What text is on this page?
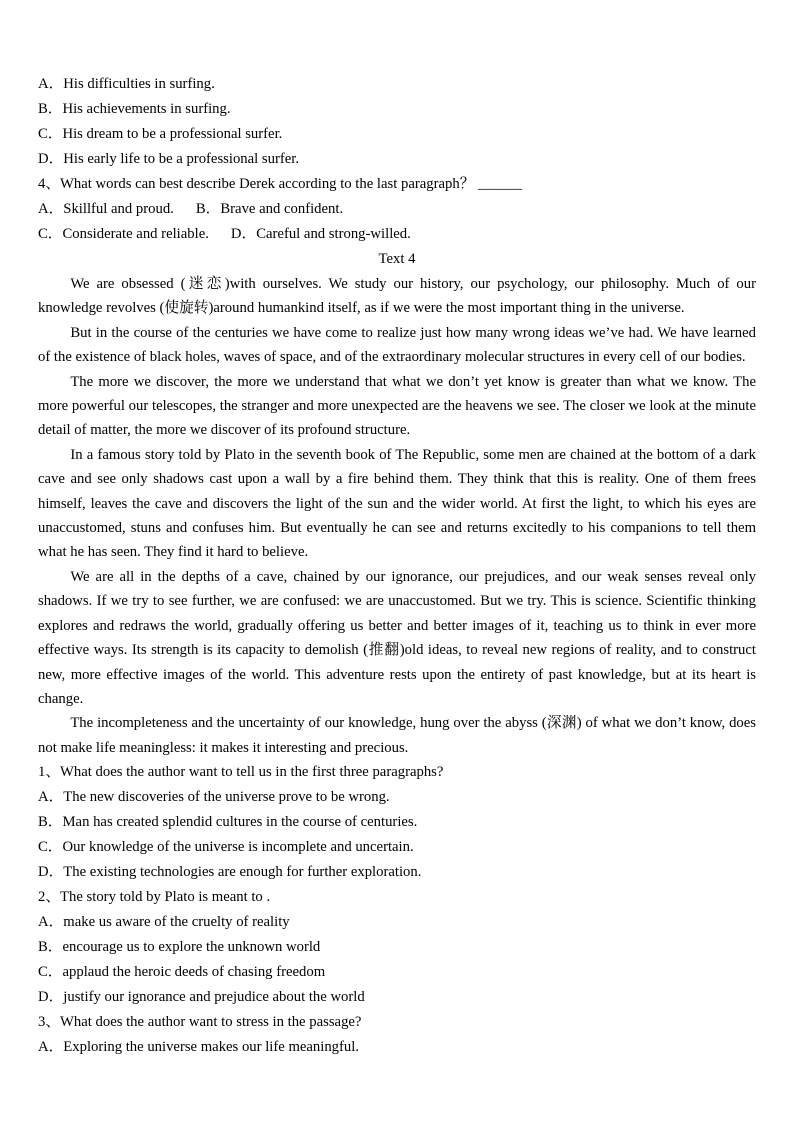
A．His difficulties in surfing.
B．His achievements in surfing.
C．His dream to be a professional surfer.
D．His early life to be a professional surfer.
4、What words can best describe Derek according to the last paragraph？ ______
A．Skillful and proud.      B．Brave and confident.
C．Considerate and reliable.      D．Careful and strong-willed.
Text 4
We are obsessed (迷恋)with ourselves. We study our history, our psychology, our philosophy. Much of our knowledge revolves (使旋转)around humankind itself, as if we were the most important thing in the universe.
But in the course of the centuries we have come to realize just how many wrong ideas we’ve had. We have learned of the existence of black holes, waves of space, and of the extraordinary molecular structures in every cell of our bodies.
The more we discover, the more we understand that what we don’t yet know is greater than what we know. The more powerful our telescopes, the stranger and more unexpected are the heavens we see. The closer we look at the minute detail of matter, the more we discover of its profound structure.
In a famous story told by Plato in the seventh book of The Republic, some men are chained at the bottom of a dark cave and see only shadows cast upon a wall by a fire behind them. They think that this is reality. One of them frees himself, leaves the cave and discovers the light of the sun and the wider world. At first the light, to which his eyes are unaccustomed, stuns and confuses him. But eventually he can see and returns excitedly to his companions to tell them what he has seen. They find it hard to believe.
We are all in the depths of a cave, chained by our ignorance, our prejudices, and our weak senses reveal only shadows. If we try to see further, we are confused: we are unaccustomed. But we try. This is science. Scientific thinking explores and redraws the world, gradually offering us better and better images of it, teaching us to think in ever more effective ways. Its strength is its capacity to demolish (推翻)old ideas, to reveal new regions of reality, and to construct new, more effective images of the world. This adventure rests upon the entirety of past knowledge, but at its heart is change.
The incompleteness and the uncertainty of our knowledge, hung over the abyss (深渊) of what we don’t know, does not make life meaningless: it makes it interesting and precious.
1、What does the author want to tell us in the first three paragraphs?
A．The new discoveries of the universe prove to be wrong.
B．Man has created splendid cultures in the course of centuries.
C．Our knowledge of the universe is incomplete and uncertain.
D．The existing technologies are enough for further exploration.
2、The story told by Plato is meant to .
A．make us aware of the cruelty of reality
B．encourage us to explore the unknown world
C．applaud the heroic deeds of chasing freedom
D．justify our ignorance and prejudice about the world
3、What does the author want to stress in the passage?
A．Exploring the universe makes our life meaningful.
